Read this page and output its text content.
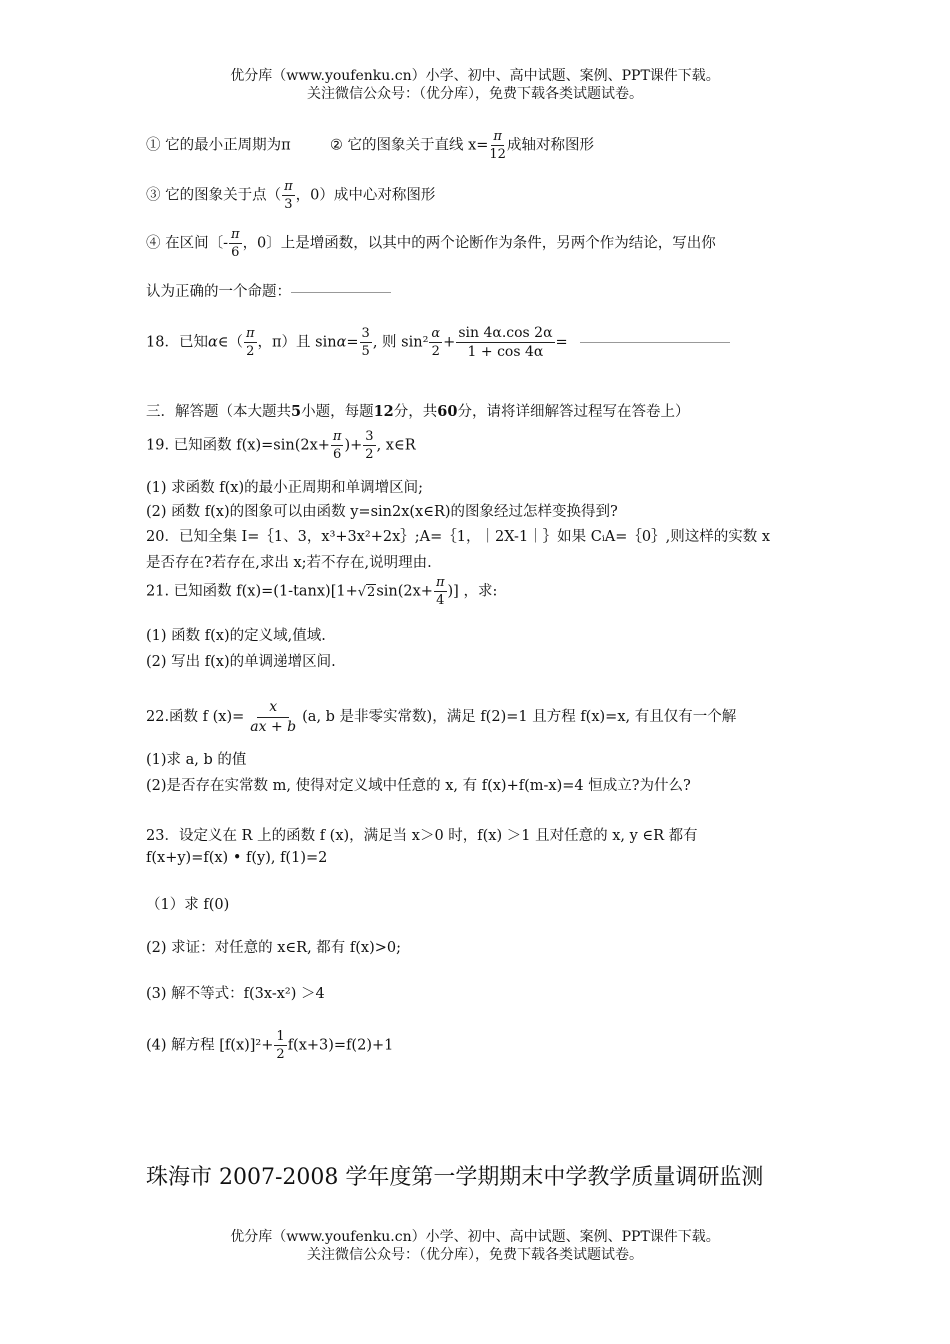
优分库（www.youfenku.cn）小学、初中、高中试题、案例、PPT课件下载。
关注微信公众号：（优分库），免费下载各类试题试卷。
① 它的最小正周期为π	② 它的图象关于直线 $x= \frac{\pi}{12}$ 成轴对称图形
③ 它的图象关于点（ $\frac{\pi}{3}$ ，0）成中心对称图形
④ 在区间〔- $\frac{\pi}{6}$ ，0〕上是增函数，以其中的两个论断作为条件，另两个作为结论，写出你
认为正确的一个命题：
18．已知α∈（ $\frac{\pi}{2}$ ，π）且 $\sin\alpha= \frac{3}{5}$ , 则 $\sin^2 \frac{\alpha}{2} + \frac{\sin 4\alpha.\cos 2\alpha}{1 + \cos 4\alpha}$ =
三．解答题（本大题共5小题，每题12分，共60分，请将详细解答过程写在答卷上）
19. 已知函数 $f(x)=\sin(2x+ \frac{\pi}{6}$ )+ $\frac{3}{2}$ , x∈R
(1) 求函数 f(x)的最小正周期和单调增区间;
(2) 函数 f(x)的图象可以由函数 y=sin2x(x∈R)的图象经过怎样变换得到?
20．已知全集 I=｛1、3，x³+3x²+2x｝;A=｛1，｜2X-1｜｝如果 CᵢA=｛0｝,则这样的实数 x
是否存在?若存在,求出 x;若不存在,说明理由.
21. 已知函数 $f(x)=(1-\tan x)[1+√2\sin(2x+ \frac{\pi}{4}$ )] ，求:
(1) 函数 f(x)的定义域,值域.
(2) 写出 f(x)的单调递增区间.
22.函数 f $(x)= \frac{x}{ax + b} (a$, b 是非零实常数)，满足 f(2)=1 且方程 f(x)=x, 有且仅有一个解
(1)求 a, b 的值
(2)是否存在实常数 m, 使得对定义域中任意的 x, 有 f(x)+f(m-x)=4 恒成立?为什么?
23．设定义在 R 上的函数 f (x)，满足当 x＞0 时，f(x) ＞1 且对任意的 x, y ∈R 都有
f(x+y)=f(x) • f(y), f(1)=2
（1）求 f(0)
(2) 求证：对任意的 x∈R, 都有 f(x)>0;
(3) 解不等式：f(3x-x²) ＞4
(4) 解方程 $[f(x)]^2+ \frac{1}{2} f(x+3)=f(2)+1$
珠海市 2007-2008 学年度第一学期期末中学教学质量调研监测
优分库（www.youfenku.cn）小学、初中、高中试题、案例、PPT课件下载。
关注微信公众号：（优分库），免费下载各类试题试卷。
